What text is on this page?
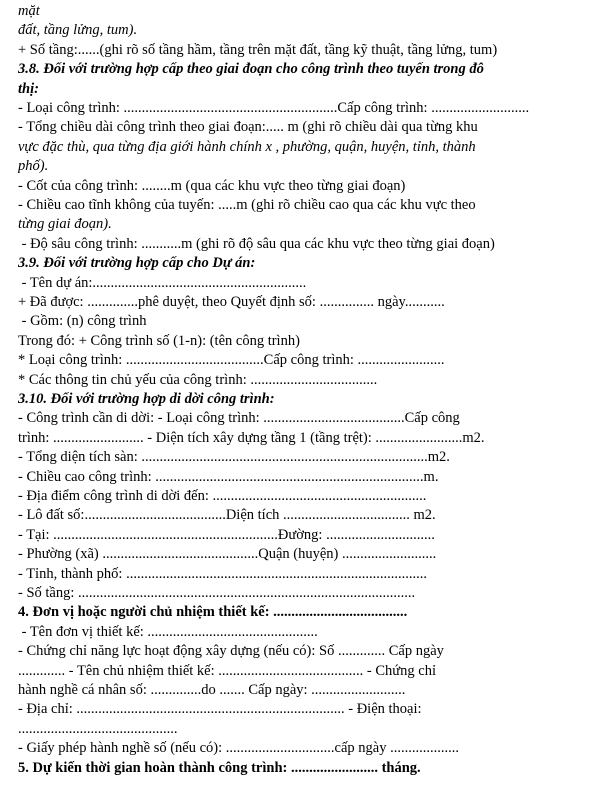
mặt
đất, tầng lửng, tum).
+ Số tầng:......(ghi rõ số tầng hầm, tầng trên mặt đất, tầng kỹ thuật, tầng lửng, tum)
3.8. Đối với trường hợp cấp theo giai đoạn cho công trình theo tuyến trong đô
thị:
- Loại công trình: ...........................................................Cấp công trình: ...........................
- Tổng chiều dài công trình theo giai đoạn:..... m (ghi rõ chiều dài qua từng khu
vực đặc thù, qua từng địa giới hành chính x , phường, quận, huyện, tỉnh, thành
phố).
- Cốt của công trình: ........m (qua các khu vực theo từng giai đoạn)
- Chiều cao tĩnh không của tuyến: .....m (ghi rõ chiều cao qua các khu vực theo
từng giai đoạn).
- Độ sâu công trình: ...........m (ghi rõ độ sâu qua các khu vực theo từng giai đoạn)
3.9. Đối với trường hợp cấp cho Dự án:
- Tên dự án:...........................................................
+ Đã được: ..............phê duyệt, theo Quyết định số: ............... ngày...........
- Gồm: (n) công trình
Trong đó: + Công trình số (1-n): (tên công trình)
* Loại công trình: ......................................Cấp công trình: ........................
* Các thông tin chủ yếu của công trình: ...................................
3.10. Đối với trường hợp di dời công trình:
- Công trình cần di dời: - Loại công trình: .......................................Cấp công
trình: ......................... - Diện tích xây dựng tầng 1 (tầng trệt): ........................m2.
- Tổng diện tích sàn: ...............................................................................m2.
- Chiều cao công trình: ..........................................................................m.
- Địa điểm công trình di dời đến: ...........................................................
- Lô đất số:.......................................Diện tích ................................... m2.
- Tại: ..............................................................Đường: ..............................
- Phường (xã) ...........................................Quận (huyện) ..........................
- Tỉnh, thành phố: ...................................................................................
- Số tầng: .............................................................................................
4. Đơn vị hoặc người chủ nhiệm thiết kế: .....................................
- Tên đơn vị thiết kế: ...............................................
- Chứng chỉ năng lực hoạt động xây dựng (nếu có): Số ............. Cấp ngày
............. - Tên chủ nhiệm thiết kế: ........................................ - Chứng chỉ
hành nghề cá nhân số: ..............do ....... Cấp ngày: ..........................
- Địa chỉ: .......................................................................... - Điện thoại:
............................................
- Giấy phép hành nghề số (nếu có): ..............................cấp ngày ...................
5. Dự kiến thời gian hoàn thành công trình: ........................ tháng.
